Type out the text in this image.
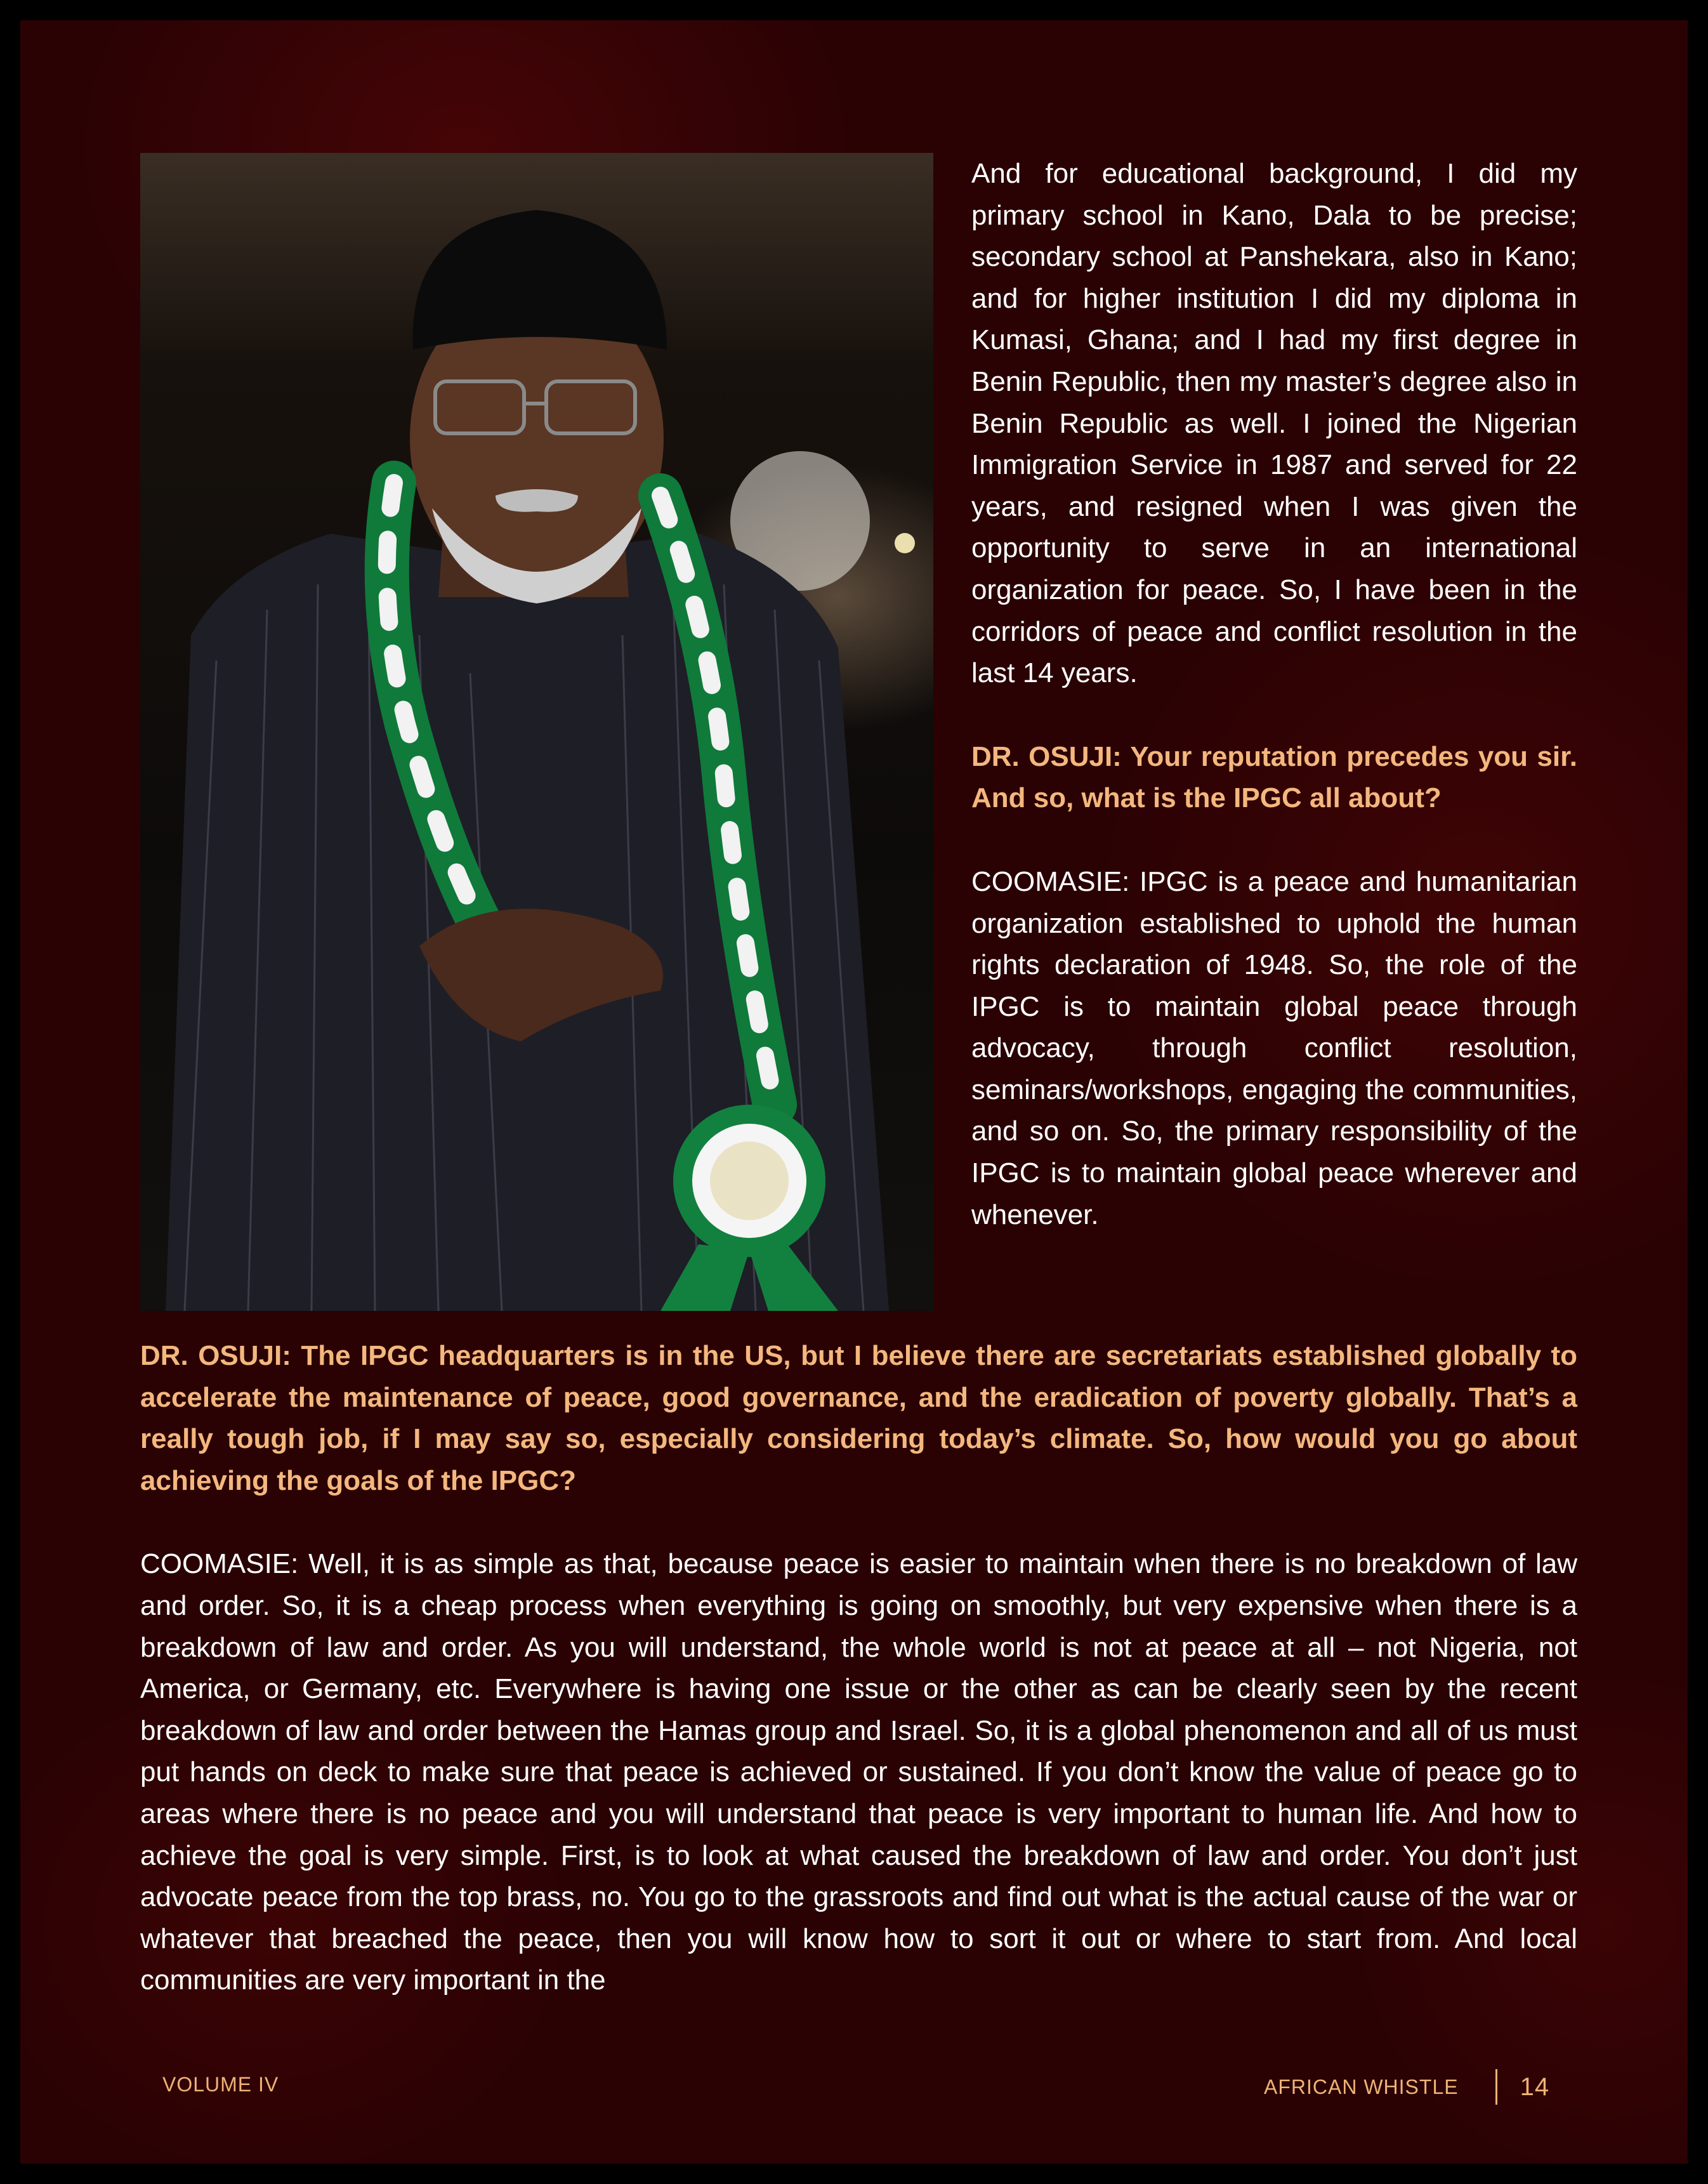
And for educational background, I did my primary school in Kano, Dala to be precise; secondary school at Panshekara, also in Kano; and for higher institution I did my diploma in Kumasi, Ghana; and I had my first degree in Benin Republic, then my master’s degree also in Benin Republic as well. I joined the Nigerian Immigration Service in 1987 and served for 22 years, and resigned when I was given the opportunity to serve in an international organization for peace. So, I have been in the corridors of peace and conflict resolution in the last 14 years.

DR. OSUJI: Your reputation precedes you sir. And so, what is the IPGC all about?

COOMASIE: IPGC is a peace and humanitarian organization established to uphold the human rights declaration of 1948. So, the role of the IPGC is to maintain global peace through advocacy, through conflict resolution, seminars/workshops, engaging the communities, and so on. So, the primary responsibility of the IPGC is to maintain global peace wherever and whenever.

DR. OSUJI: The IPGC headquarters is in the US, but I believe there are secretariats established globally to accelerate the maintenance of peace, good governance, and the eradication of poverty globally. That’s a really tough job, if I may say so, especially considering today’s climate. So, how would you go about achieving the goals of the IPGC?

COOMASIE: Well, it is as simple as that, because peace is easier to maintain when there is no breakdown of law and order. So, it is a cheap process when everything is going on smoothly, but very expensive when there is a breakdown of law and order. As you will understand, the whole world is not at peace at all – not Nigeria, not America, or Germany, etc. Everywhere is having one issue or the other as can be clearly seen by the recent breakdown of law and order between the Hamas group and Israel. So, it is a global phenomenon and all of us must put hands on deck to make sure that peace is achieved or sustained. If you don’t know the value of peace go to areas where there is no peace and you will understand that peace is very important to human life. And how to achieve the goal is very simple. First, is to look at what caused the breakdown of law and order. You don’t just advocate peace from the top brass, no. You go to the grassroots and find out what is the actual cause of the war or whatever that breached the peace, then you will know how to sort it out or where to start from. And local communities are very important in the

VOLUME IV	AFRICAN WHISTLE 14
